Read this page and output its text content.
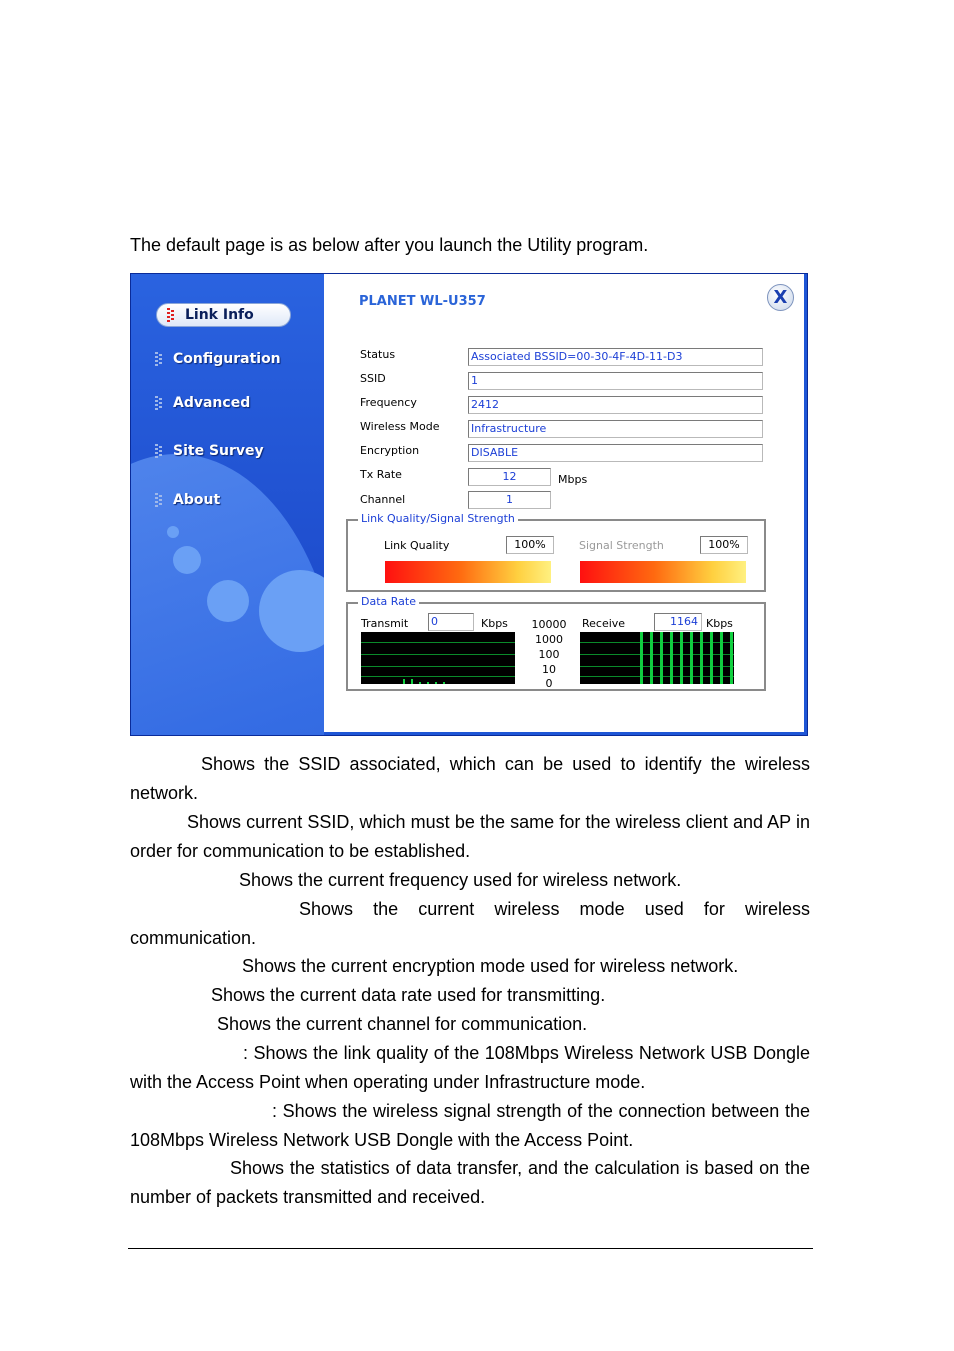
The default page is as below after you launch the Utility program.
Link Info
Configuration
Advanced
Site Survey
About
PLANET WL-U357	X
Status	Associated BSSID=00-30-4F-4D-11-D3
SSID	1
Frequency	2412
Wireless Mode	Infrastructure
Encryption	DISABLE
Tx Rate	12	Mbps
Channel	1
Link Quality/Signal Strength
Link Quality	100%	Signal Strength	100%
Data Rate
Transmit 0	Kbps	Receive	1164 Kbps
10000
1000
100
10
0
Shows the SSID associated, which can be used to identify the wireless network.
Shows current SSID, which must be the same for the wireless client and AP in order for communication to be established.
Shows the current frequency used for wireless network.
Shows the current wireless mode used for wireless communication.
Shows the current encryption mode used for wireless network.
Shows the current data rate used for transmitting.
Shows the current channel for communication.
: Shows the link quality of the 108Mbps Wireless Network USB Dongle with the Access Point when operating under Infrastructure mode.
: Shows the wireless signal strength of the connection between the 108Mbps Wireless Network USB Dongle with the Access Point.
Shows the statistics of data transfer, and the calculation is based on the number of packets transmitted and received.
